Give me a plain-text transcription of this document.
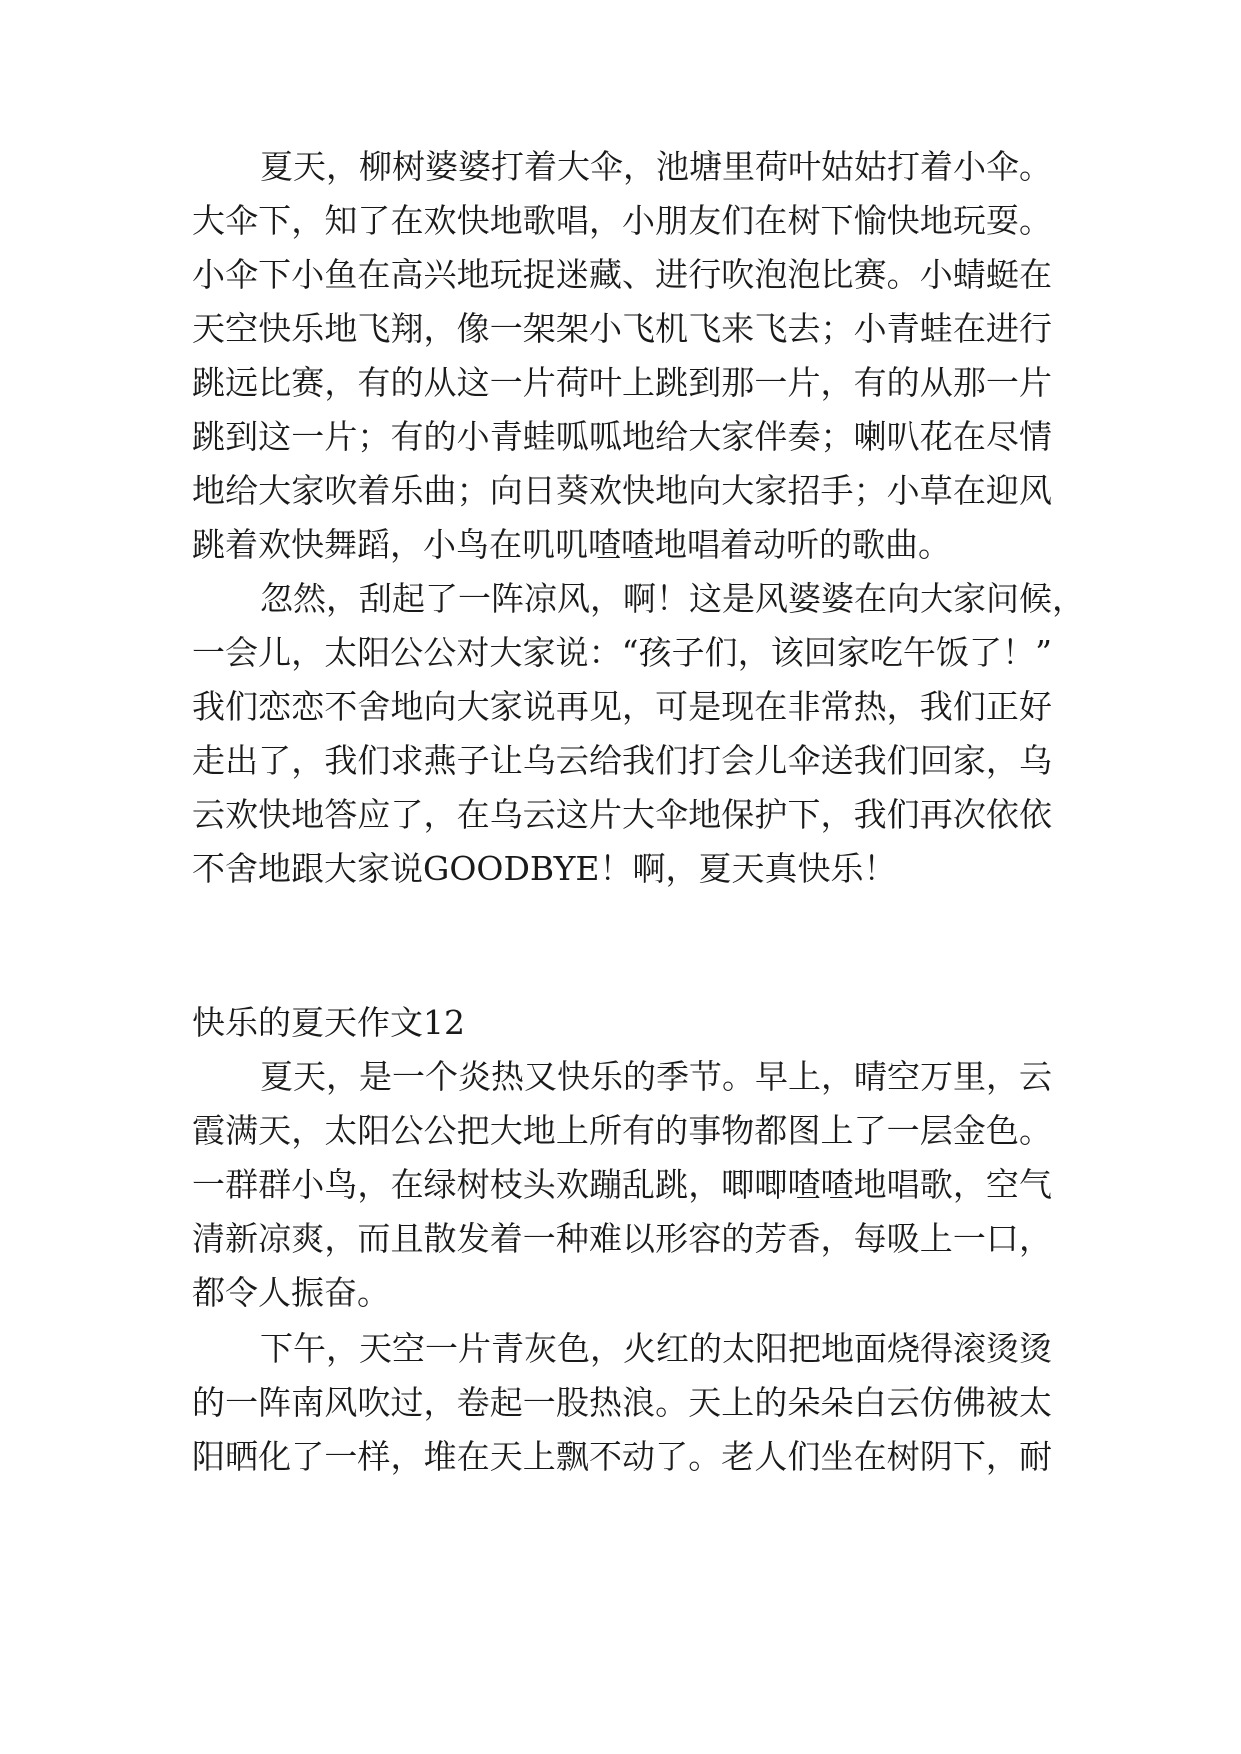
夏天，柳树婆婆打着大伞，池塘里荷叶姑姑打着小伞。

大伞下，知了在欢快地歌唱，小朋友们在树下愉快地玩耍。

小伞下小鱼在高兴地玩捉迷藏、进行吹泡泡比赛。小蜻蜓在

天空快乐地飞翔，像一架架小飞机飞来飞去；小青蛙在进行

跳远比赛，有的从这一片荷叶上跳到那一片，有的从那一片

跳到这一片；有的小青蛙呱呱地给大家伴奏；喇叭花在尽情

地给大家吹着乐曲；向日葵欢快地向大家招手；小草在迎风

跳着欢快舞蹈，小鸟在叽叽喳喳地唱着动听的歌曲。

忽然，刮起了一阵凉风，啊！这是风婆婆在向大家问候，

一会儿，太阳公公对大家说：“孩子们，该回家吃午饭了！”

我们恋恋不舍地向大家说再见，可是现在非常热，我们正好

走出了，我们求燕子让乌云给我们打会儿伞送我们回家，乌

云欢快地答应了，在乌云这片大伞地保护下，我们再次依依

不舍地跟大家说GOODBYE！啊，夏天真快乐！

快乐的夏天作文12

夏天，是一个炎热又快乐的季节。早上，晴空万里，云

霞满天，太阳公公把大地上所有的事物都图上了一层金色。

一群群小鸟，在绿树枝头欢蹦乱跳，唧唧喳喳地唱歌，空气

清新凉爽，而且散发着一种难以形容的芳香，每吸上一口，

都令人振奋。

下午，天空一片青灰色，火红的太阳把地面烧得滚烫烫

的一阵南风吹过，卷起一股热浪。天上的朵朵白云仿佛被太

阳晒化了一样，堆在天上飘不动了。老人们坐在树阴下，耐
